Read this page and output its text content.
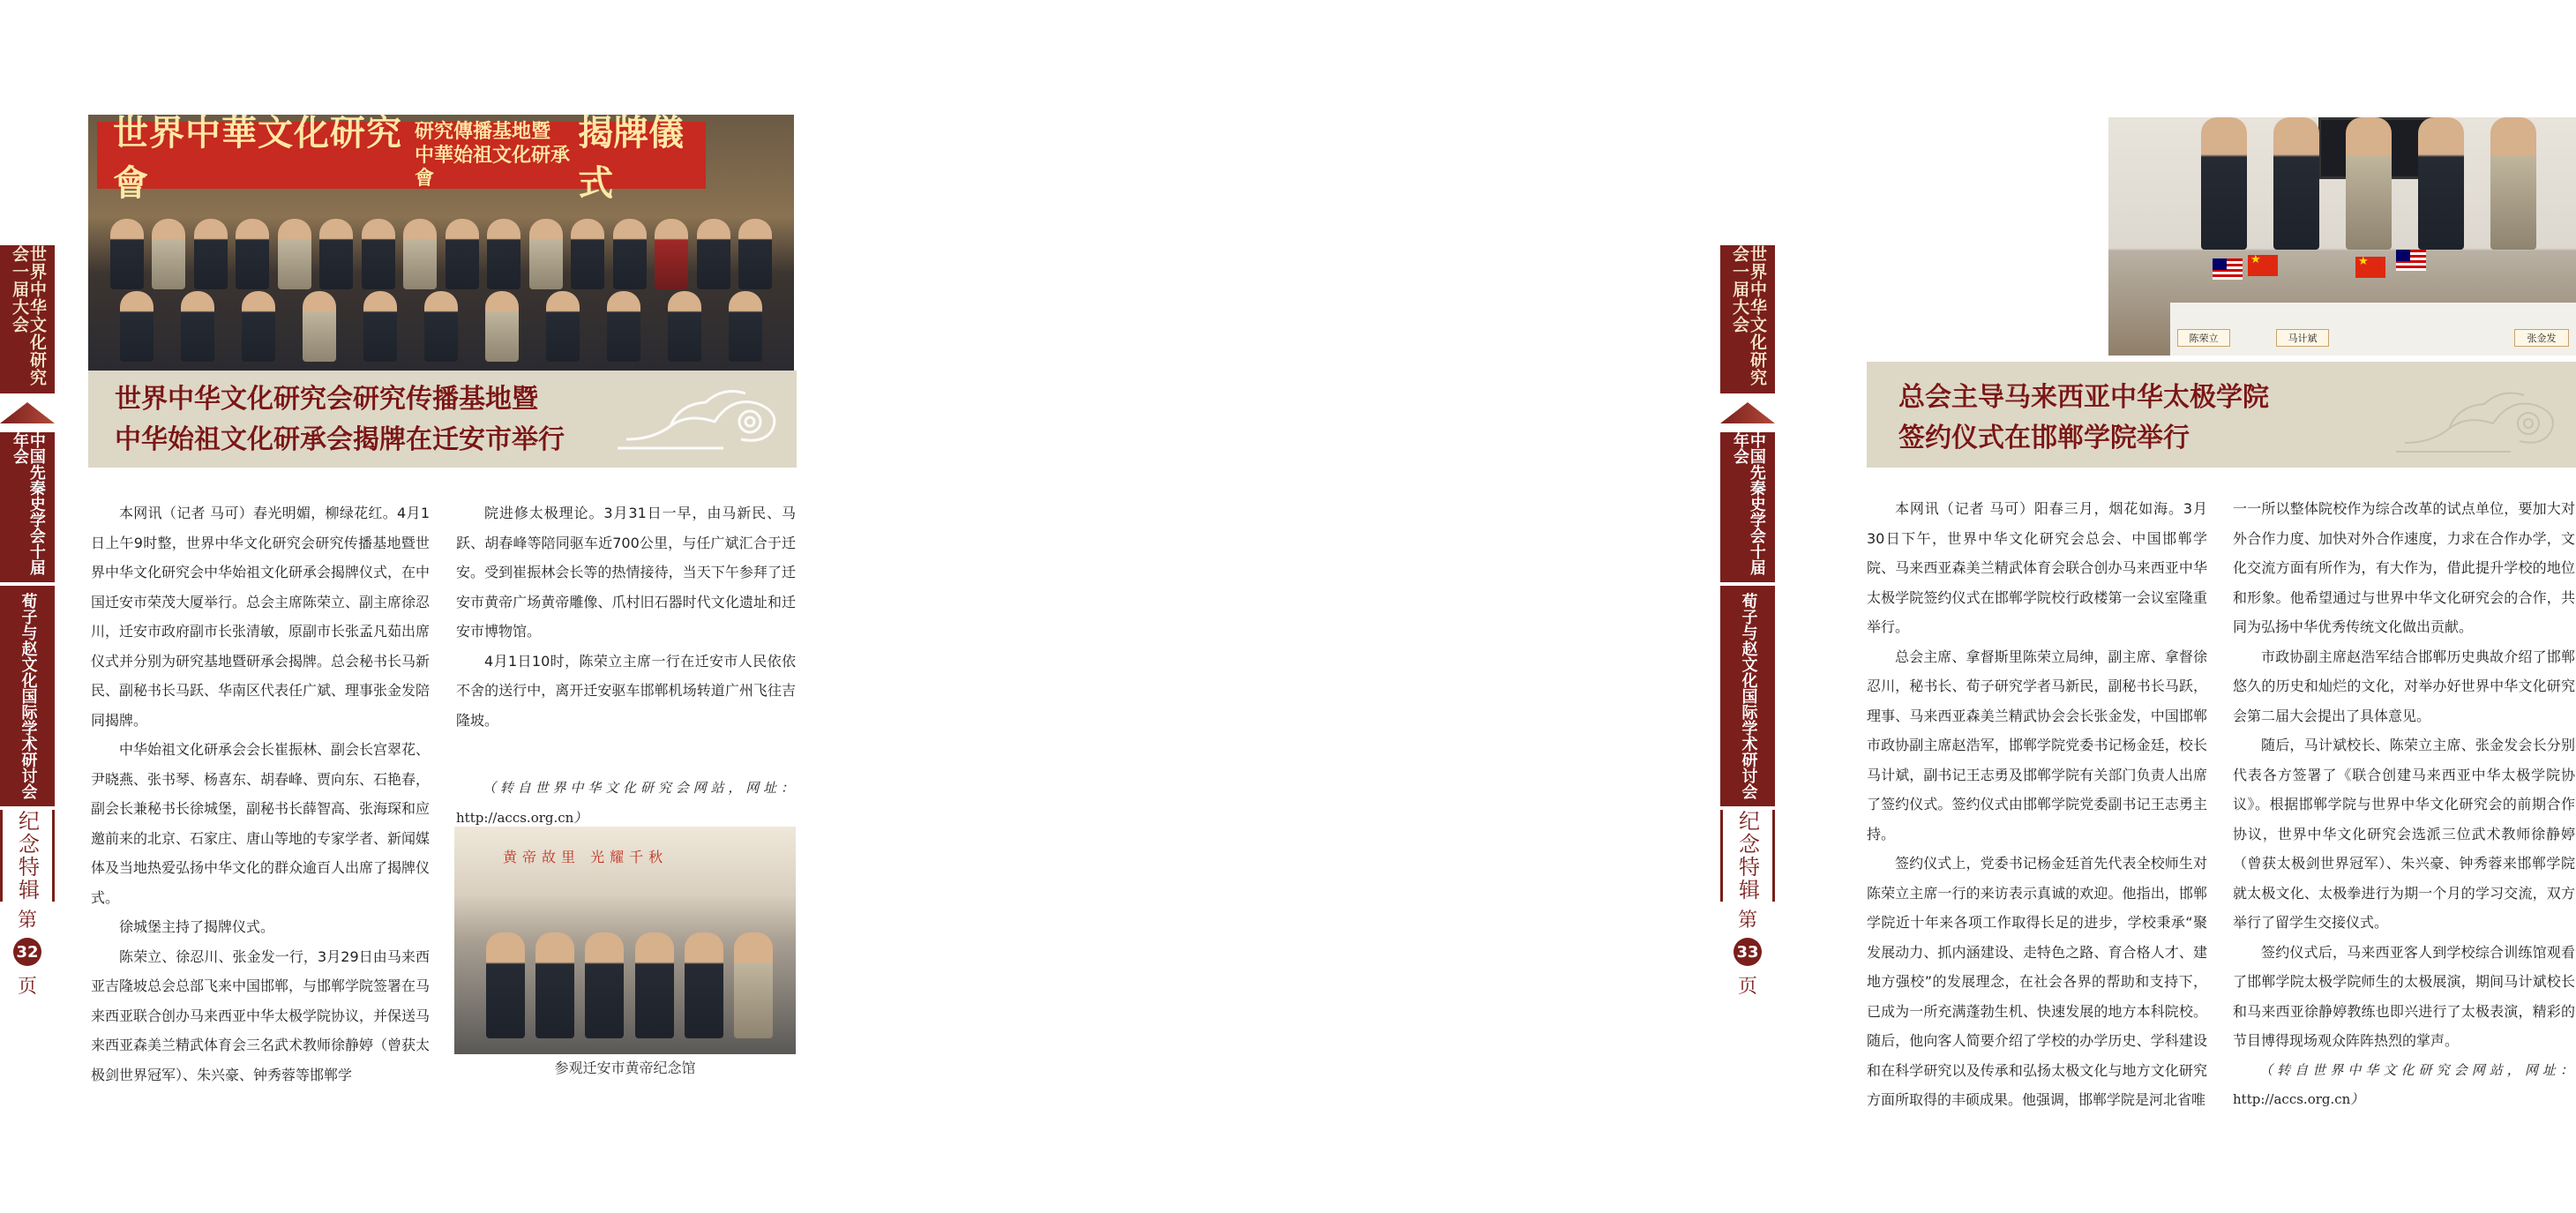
世界中华文化研究会一届大会
中国先秦史学会十届年会
荀子与赵文化国际学术研讨会
纪念特辑
第
32
页
世界中華文化研究會
研究傳播基地暨
中華始祖文化研承會
揭牌儀式
世界中华文化研究会研究传播基地暨
中华始祖文化研承会揭牌在迁安市举行

本网讯（记者 马可）春光明媚，柳绿花红。4月1日上午9时整，世界中华文化研究会研究传播基地暨世界中华文化研究会中华始祖文化研承会揭牌仪式，在中国迁安市荣茂大厦举行。总会主席陈荣立、副主席徐忍川，迁安市政府副市长张清敏，原副市长张孟凡茹出席仪式并分别为研究基地暨研承会揭牌。总会秘书长马新民、副秘书长马跃、华南区代表任广斌、理事张金发陪同揭牌。

中华始祖文化研承会会长崔振林、副会长宫翠花、尹晓燕、张书琴、杨喜东、胡春峰、贾向东、石艳春，副会长兼秘书长徐城堡，副秘书长薛智高、张海琛和应邀前来的北京、石家庄、唐山等地的专家学者、新闻媒体及当地热爱弘扬中华文化的群众逾百人出席了揭牌仪式。

徐城堡主持了揭牌仪式。

陈荣立、徐忍川、张金发一行，3月29日由马来西亚吉隆坡总会总部飞来中国邯郸，与邯郸学院签署在马来西亚联合创办马来西亚中华太极学院协议，并保送马来西亚森美兰精武体育会三名武术教师徐静婷（曾获太极剑世界冠军）、朱兴豪、钟秀蓉等邯郸学

院进修太极理论。3月31日一早，由马新民、马跃、胡春峰等陪同驱车近700公里，与任广斌汇合于迁安。受到崔振林会长等的热情接待，当天下午参拜了迁安市黄帝广场黄帝雕像、爪村旧石器时代文化遗址和迁安市博物馆。

4月1日10时，陈荣立主席一行在迁安市人民依依不舍的送行中，离开迁安驱车邯郸机场转道广州飞往吉隆坡。

（转自世界中华文化研究会网站，网址：http://accs.org.cn）

黄帝故里 光耀千秋
参观迁安市黄帝纪念馆
★
★
陈荣立	马计斌	张金发
总会主导马来西亚中华太极学院
签约仪式在邯郸学院举行

本网讯（记者 马可）阳春三月，烟花如海。3月30日下午，世界中华文化研究会总会、中国邯郸学院、马来西亚森美兰精武体育会联合创办马来西亚中华太极学院签约仪式在邯郸学院校行政楼第一会议室隆重举行。

总会主席、拿督斯里陈荣立局绅，副主席、拿督徐忍川，秘书长、荀子研究学者马新民，副秘书长马跃，理事、马来西亚森美兰精武协会会长张金发，中国邯郸市政协副主席赵浩军，邯郸学院党委书记杨金廷，校长马计斌，副书记王志勇及邯郸学院有关部门负责人出席了签约仪式。签约仪式由邯郸学院党委副书记王志勇主持。

签约仪式上，党委书记杨金廷首先代表全校师生对陈荣立主席一行的来访表示真诚的欢迎。他指出，邯郸学院近十年来各项工作取得长足的进步，学校秉承“聚发展动力、抓内涵建设、走特色之路、育合格人才、建地方强校”的发展理念，在社会各界的帮助和支持下，已成为一所充满蓬勃生机、快速发展的地方本科院校。随后，他向客人简要介绍了学校的办学历史、学科建设和在科学研究以及传承和弘扬太极文化与地方文化研究方面所取得的丰硕成果。他强调，邯郸学院是河北省唯

一一所以整体院校作为综合改革的试点单位，要加大对外合作力度、加快对外合作速度，力求在合作办学，文化交流方面有所作为，有大作为，借此提升学校的地位和形象。他希望通过与世界中华文化研究会的合作，共同为弘扬中华优秀传统文化做出贡献。

市政协副主席赵浩军结合邯郸历史典故介绍了邯郸悠久的历史和灿烂的文化，对举办好世界中华文化研究会第二届大会提出了具体意见。

随后，马计斌校长、陈荣立主席、张金发会长分别代表各方签署了《联合创建马来西亚中华太极学院协议》。根据邯郸学院与世界中华文化研究会的前期合作协议，世界中华文化研究会选派三位武术教师徐静婷（曾获太极剑世界冠军）、朱兴豪、钟秀蓉来邯郸学院就太极文化、太极拳进行为期一个月的学习交流，双方举行了留学生交接仪式。

签约仪式后，马来西亚客人到学校综合训练馆观看了邯郸学院太极学院师生的太极展演，期间马计斌校长和马来西亚徐静婷教练也即兴进行了太极表演，精彩的节目博得现场观众阵阵热烈的掌声。

（转自世界中华文化研究会网站，网址：http://accs.org.cn）

世界中华文化研究会一届大会
中国先秦史学会十届年会
荀子与赵文化国际学术研讨会
纪念特辑
第
33
页
